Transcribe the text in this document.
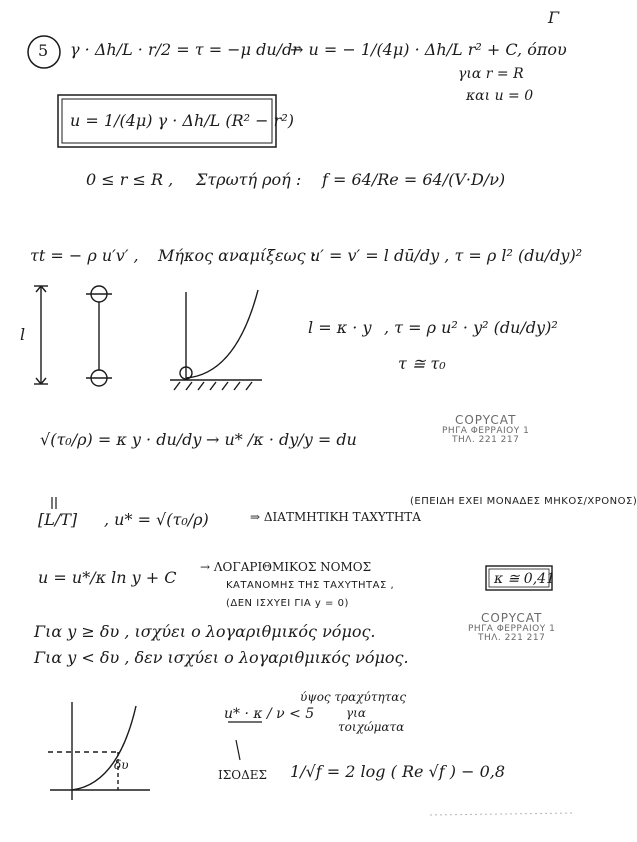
Γ
5 γ · Δh/L · r/2 = τ = −μ du/dr
→ u = − 1/(4μ) · Δh/L r² + C, όπου
για r = R
και u = 0
u = 1/(4μ) γ · Δh/L (R² − r²)
0 ≤ r ≤ R , Στρωτή ροή : f = 64/Re = 64/(V·D/ν)
τt = − ρ u′v′ , Μήκος αναμίξεως :
u′ = v′ = l dū/dy , τ = ρ l² (du/dy)²
l	l = κ · y , τ = ρ u² · y² (du/dy)²
τ ≅ τ₀
√(τ₀/ρ) = κ y · du/dy → u* /κ · dy/y = du
[L/T] , u* = √(τ₀/ρ)	⇒ ΔΙΑΤΜΗΤΙΚΗ ΤΑΧΥΤΗΤΑ
(ΕΠΕΙΔΗ ΕΧΕΙ ΜΟΝΑΔΕΣ ΜΗΚΟΣ/ΧΡΟΝΟΣ)
u = u*/κ ln y + C
→ ΛΟΓΑΡΙΘΜΙΚΟΣ ΝΟΜΟΣ
ΚΑΤΑΝΟΜΗΣ ΤΗΣ ΤΑΧΥΤΗΤΑΣ ,
(ΔΕΝ ΙΣΧΥΕΙ ΓΙΑ y = 0)
κ ≅ 0,41
Για y ≥ δυ , ισχύει ο λογαριθμικός νόμος.
Για y < δυ , δεν ισχύει ο λογαριθμικός νόμος.
u* · κ / ν < 5
ύψος τραχύτητας
για
τοιχώματα
δυ
ΙΣΟΔΕΣ 1/√f = 2 log ( Re √f ) − 0,8
COPYCAT
ΡΗΓΑ ΦΕΡΡΑΙΟΥ 1
ΤΗΛ. 221 217
COPYCAT
ΡΗΓΑ ΦΕΡΡΑΙΟΥ 1
ΤΗΛ. 221 217
